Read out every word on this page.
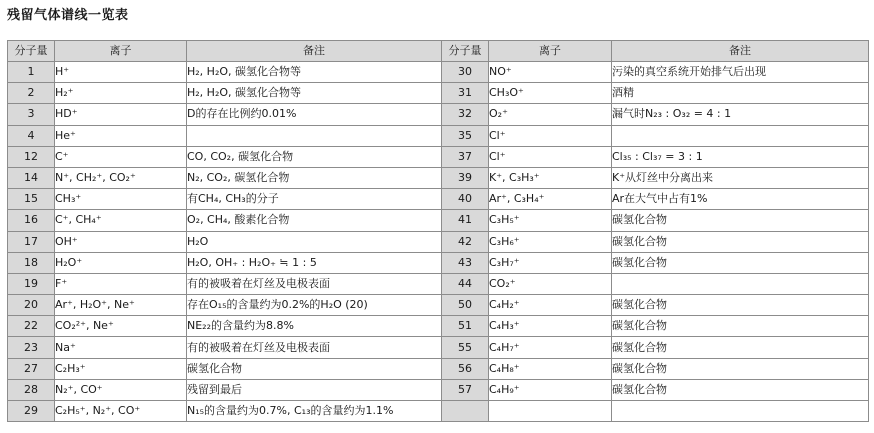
残留气体谱线一览表
分子量	离子	备注	分子量	离子	备注
1	H⁺	H₂, H₂O, 碳氢化合物等	30	NO⁺	污染的真空系统开始排气后出现
2	H₂⁺	H₂, H₂O, 碳氢化合物等	31	CH₃O⁺	酒精
3	HD⁺	D的存在比例约0.01%	32	O₂⁺	漏气时N₂₃ : O₃₂ = 4 : 1
4	He⁺		35	Cl⁺	
12	C⁺	CO, CO₂, 碳氢化合物	37	Cl⁺	Cl₃₅ : Cl₃₇ = 3 : 1
14	N⁺, CH₂⁺, CO₂⁺	N₂, CO₂, 碳氢化合物	39	K⁺, C₃H₃⁺	K⁺从灯丝中分离出来
15	CH₃⁺	有CH₄, CH₃的分子	40	Ar⁺, C₃H₄⁺	Ar在大气中占有1%
16	C⁺, CH₄⁺	O₂, CH₄, 酸素化合物	41	C₃H₅⁺	碳氢化合物
17	OH⁺	H₂O	42	C₃H₆⁺	碳氢化合物
18	H₂O⁺	H₂O, OH₊ : H₂O₊ ≒ 1 : 5	43	C₃H₇⁺	碳氢化合物
19	F⁺	有的被吸着在灯丝及电极表面	44	CO₂⁺	
20	Ar⁺, H₂O⁺, Ne⁺	存在O₁₅的含量约为0.2%的H₂O (20)	50	C₄H₂⁺	碳氢化合物
22	CO₂²⁺, Ne⁺	NE₂₂的含量约为8.8%	51	C₄H₃⁺	碳氢化合物
23	Na⁺	有的被吸着在灯丝及电极表面	55	C₄H₇⁺	碳氢化合物
27	C₂H₃⁺	碳氢化合物	56	C₄H₈⁺	碳氢化合物
28	N₂⁺, CO⁺	残留到最后	57	C₄H₉⁺	碳氢化合物
29	C₂H₅⁺, N₂⁺, CO⁺	N₁₅的含量约为0.7%, C₁₃的含量约为1.1%			
